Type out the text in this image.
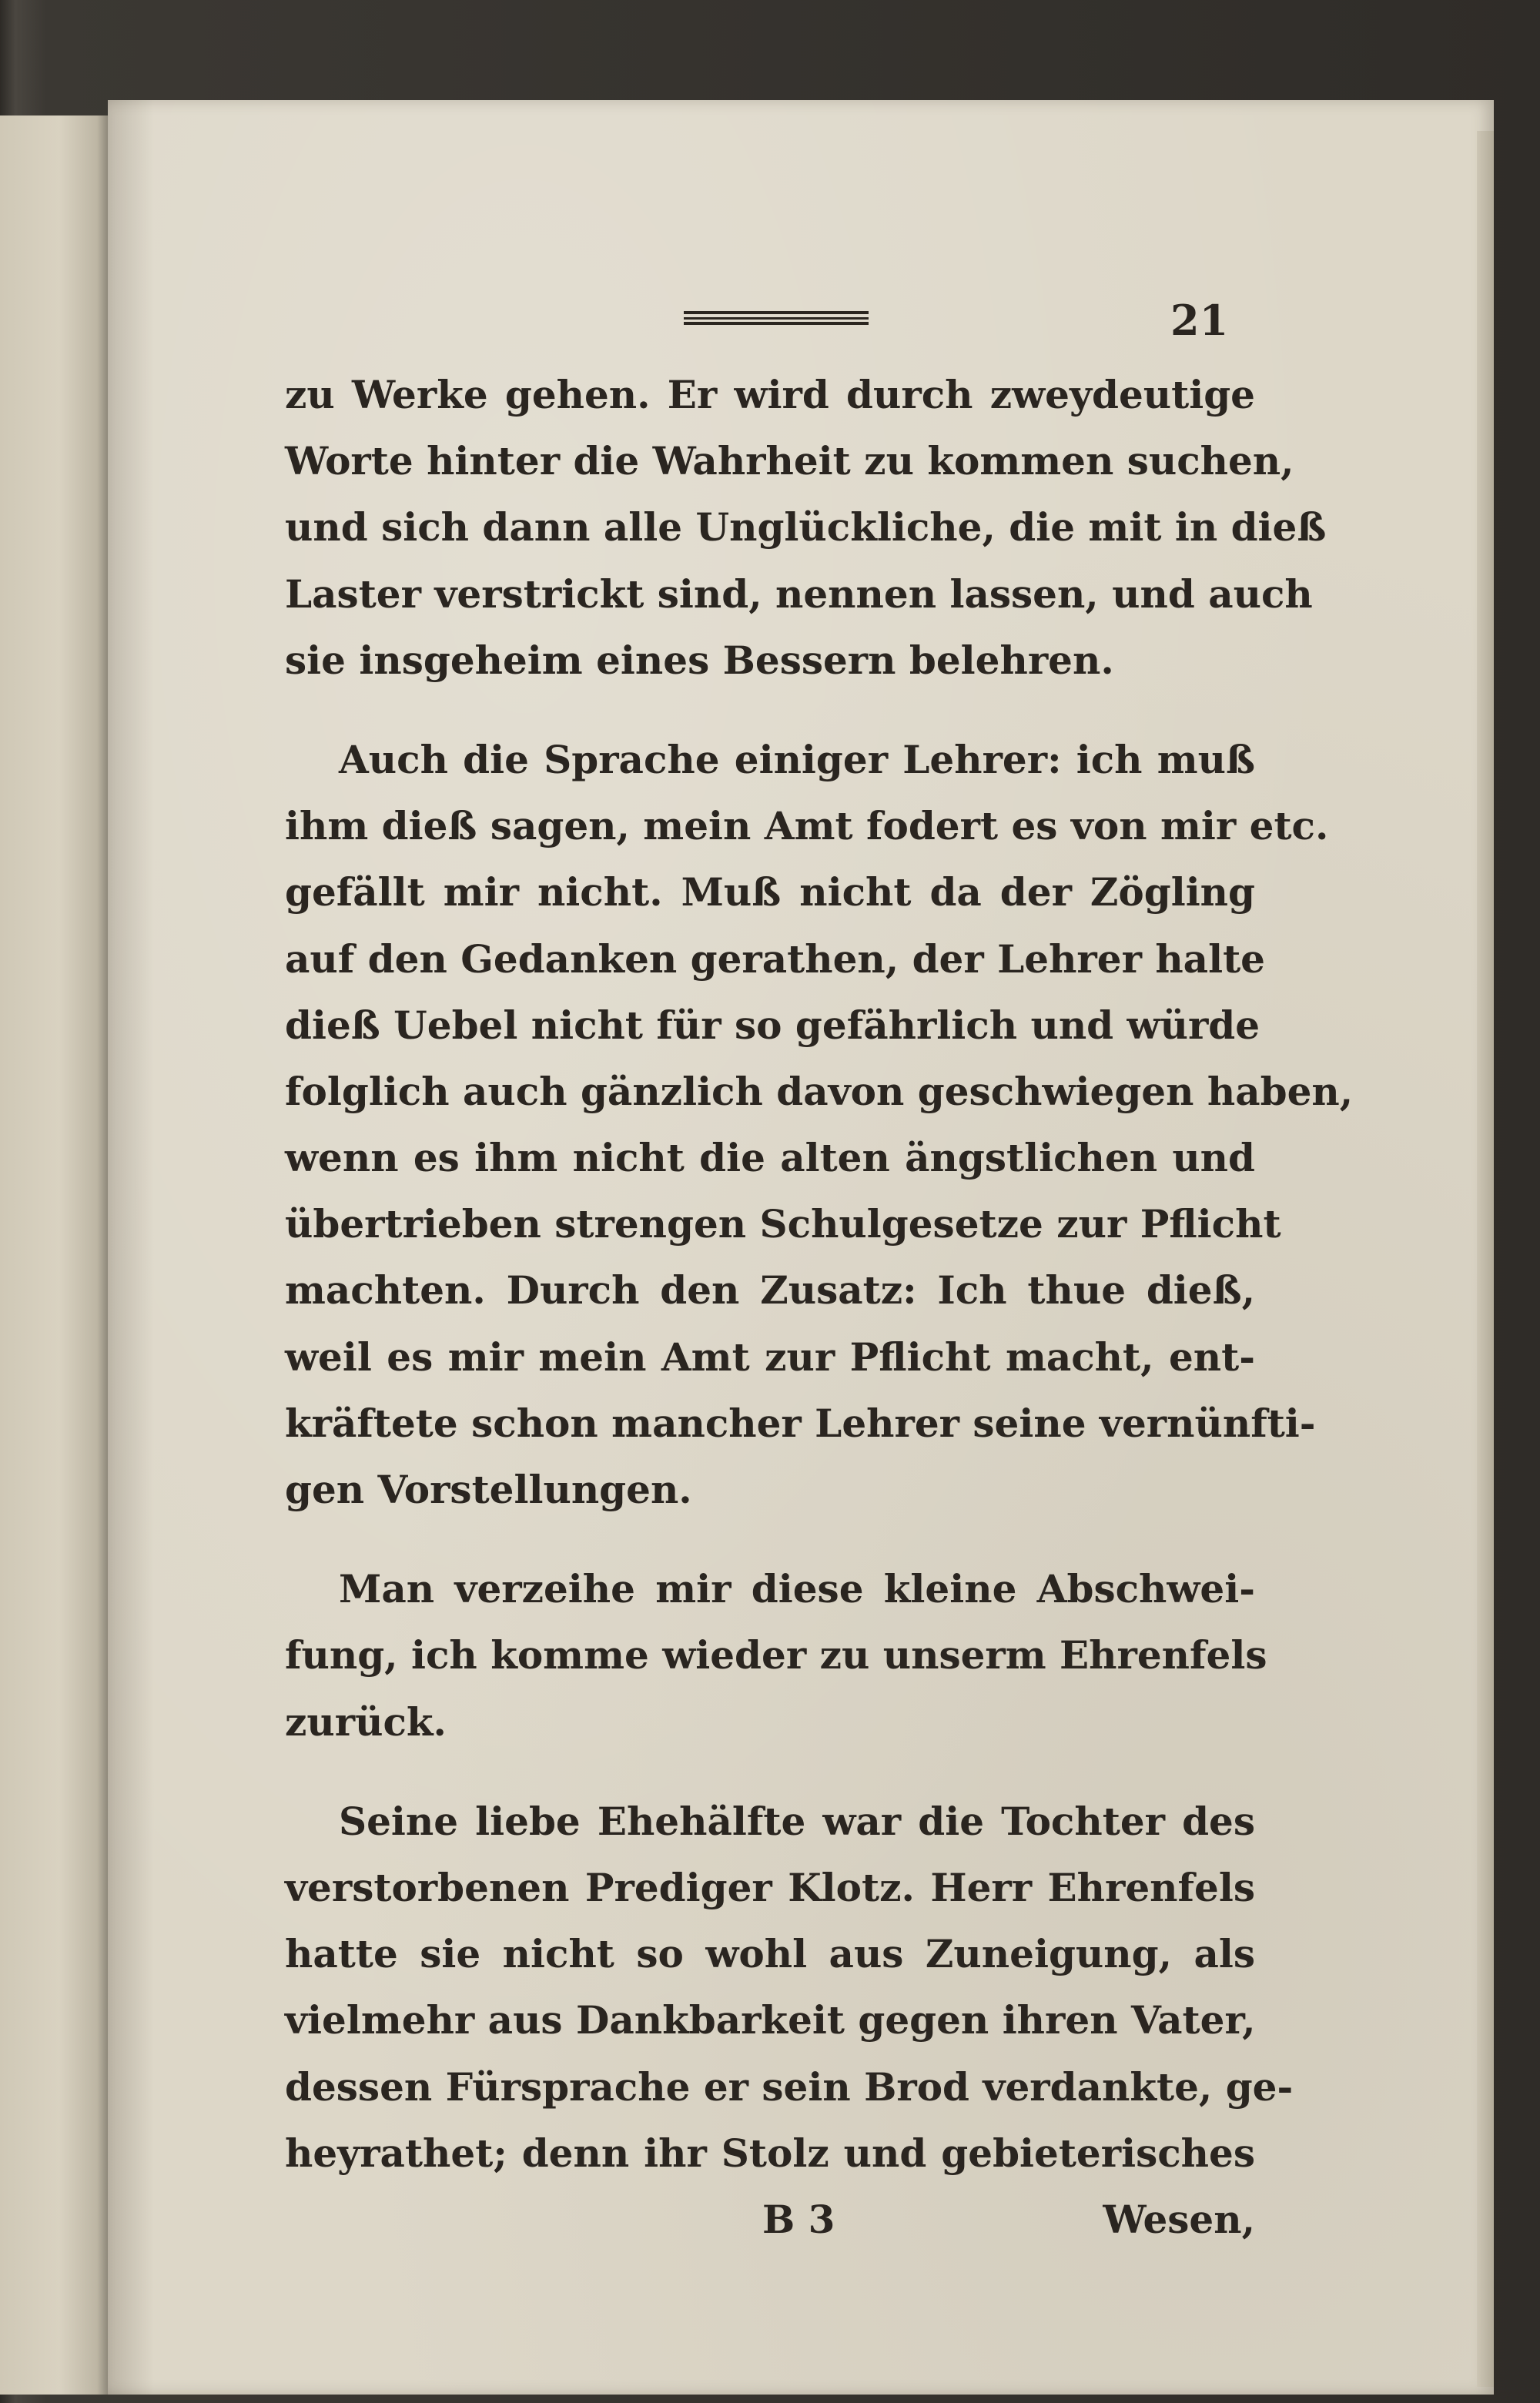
21
zu Werke gehen. Er wird durch zweydeutige
Worte hinter die Wahrheit zu kommen suchen,
und sich dann alle Unglückliche, die mit in dieß
Laster verstrickt sind, nennen lassen, und auch
sie insgeheim eines Bessern belehren.
Auch die Sprache einiger Lehrer: ich muß
ihm dieß sagen, mein Amt fodert es von mir etc.
gefällt mir nicht. Muß nicht da der Zögling
auf den Gedanken gerathen, der Lehrer halte
dieß Uebel nicht für so gefährlich und würde
folglich auch gänzlich davon geschwiegen haben,
wenn es ihm nicht die alten ängstlichen und
übertrieben strengen Schulgesetze zur Pflicht
machten. Durch den Zusatz: Ich thue dieß,
weil es mir mein Amt zur Pflicht macht, ent-
kräftete schon mancher Lehrer seine vernünfti-
gen Vorstellungen.
Man verzeihe mir diese kleine Abschwei-
fung, ich komme wieder zu unserm Ehrenfels
zurück.
Seine liebe Ehehälfte war die Tochter des
verstorbenen Prediger Klotz. Herr Ehrenfels
hatte sie nicht so wohl aus Zuneigung, als
vielmehr aus Dankbarkeit gegen ihren Vater,
dessen Fürsprache er sein Brod verdankte, ge-
heyrathet; denn ihr Stolz und gebieterisches
B 3	Wesen,
